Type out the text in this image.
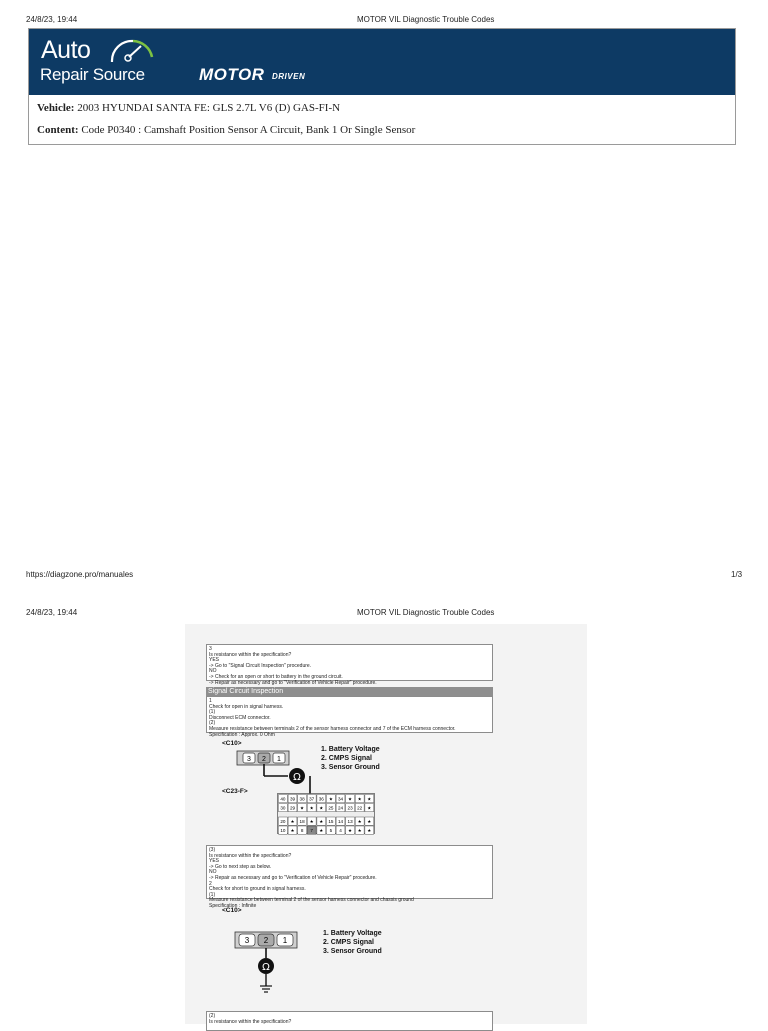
24/8/23, 19:44	MOTOR VIL Diagnostic Trouble Codes
Auto
Repair Source	MOTOR DRIVEN
Vehicle: 2003 HYUNDAI SANTA FE: GLS 2.7L V6 (D) GAS-FI-N
Content: Code P0340 : Camshaft Position Sensor A Circuit, Bank 1 Or Single Sensor
https://diagzone.pro/manuales	1/3
24/8/23, 19:44	MOTOR VIL Diagnostic Trouble Codes
3
Is resistance within the specification?
YES
-> Go to "Signal Circuit Inspection" procedure.
NO
-> Check for an open or short to battery in the ground circuit.
-> Repair as necessary and go to "Verification of Vehicle Repair" procedure.
Signal Circuit Inspection
1
Check for open in signal harness.
(1)
Disconnect ECM connector.
(2)
Measure resistance between terminals 2 of the sensor harness connector and 7 of the ECM harness connector.
Specification : Approx. 0 Ohm
<C10>
3 2 1
1. Battery Voltage
2. CMPS Signal
3. Sensor Ground
Ω
<C23-F>
40 39 38 37 36 ★ 34 ★ ★ ★
30 29 ★ ★ ★ 25 24 23 22 ★
20 ★ 18 ★ ★ 15 14 13 ★ ★
10 ★ 8 7 ★ 5 4 ★ ★ ★
(3)
Is resistance within the specification?
YES
-> Go to next step as below.
NO
-> Repair as necessary and go to "Verification of Vehicle Repair" procedure.
2
Check for short to ground in signal harness.
(1)
Measure resistance between terminal 2 of the sensor harness connector and chassis ground
Specification : Infinite
<C10>
3 2 1
1. Battery Voltage
2. CMPS Signal
3. Sensor Ground
Ω
(2)
Is resistance within the specification?
